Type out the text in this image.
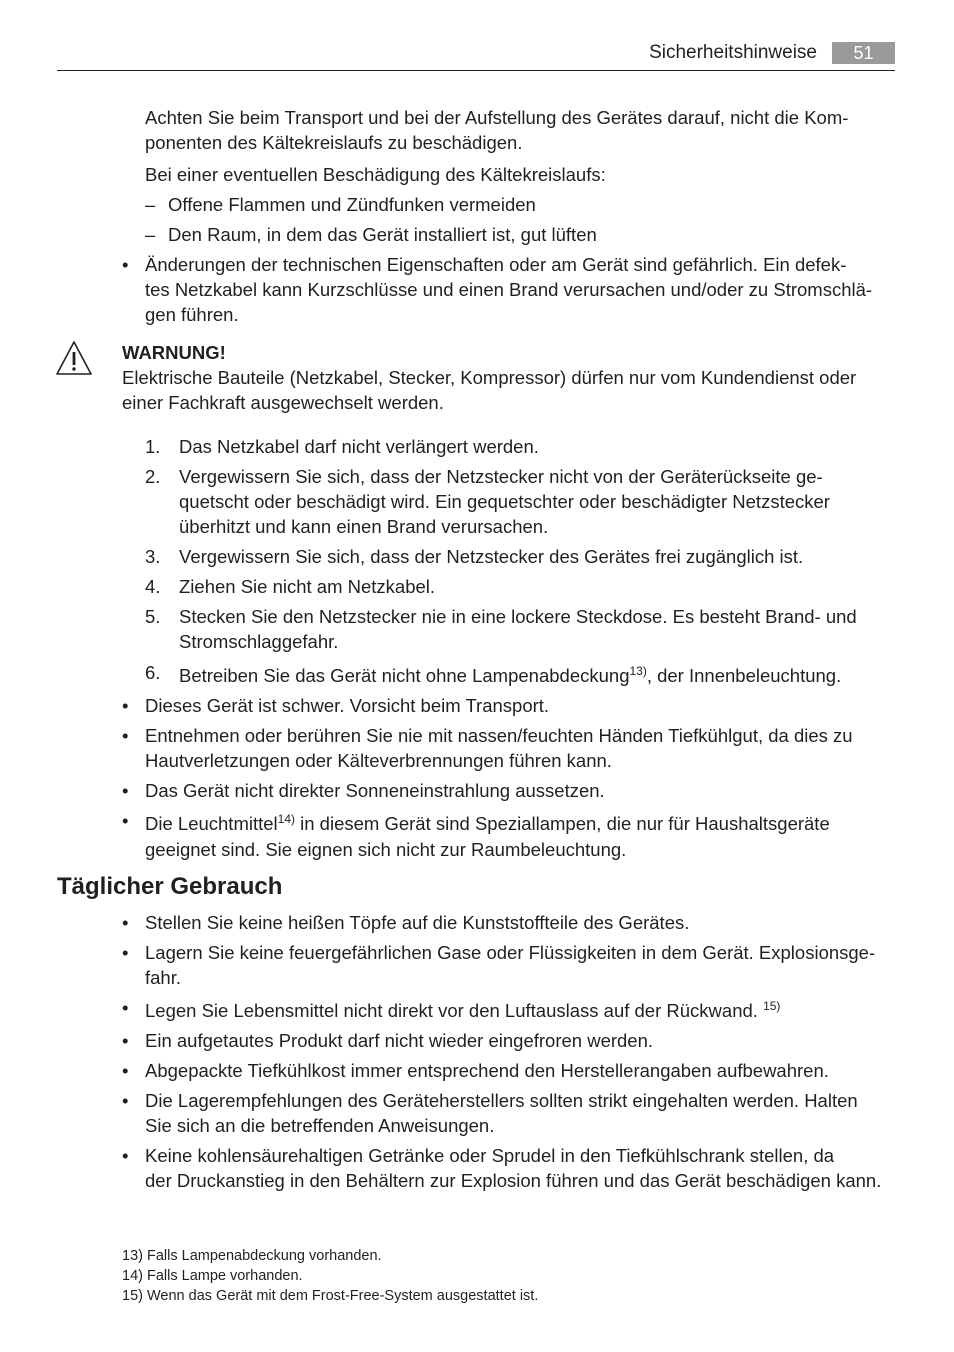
Sicherheitshinweise	51

Achten Sie beim Transport und bei der Aufstellung des Gerätes darauf, nicht die Kom-

ponenten des Kältekreislaufs zu beschädigen.

Bei einer eventuellen Beschädigung des Kältekreislaufs:

– Offene Flammen und Zündfunken vermeiden

– Den Raum, in dem das Gerät installiert ist, gut lüften

• Änderungen der technischen Eigenschaften oder am Gerät sind gefährlich. Ein defek-

tes Netzkabel kann Kurzschlüsse und einen Brand verursachen und/oder zu Stromschlä-

gen führen.

WARNUNG!

Elektrische Bauteile (Netzkabel, Stecker, Kompressor) dürfen nur vom Kundendienst oder

einer Fachkraft ausgewechselt werden.

1. Das Netzkabel darf nicht verlängert werden.

2. Vergewissern Sie sich, dass der Netzstecker nicht von der Geräterückseite ge-

quetscht oder beschädigt wird. Ein gequetschter oder beschädigter Netzstecker

überhitzt und kann einen Brand verursachen.

3. Vergewissern Sie sich, dass der Netzstecker des Gerätes frei zugänglich ist.

4. Ziehen Sie nicht am Netzkabel.

5. Stecken Sie den Netzstecker nie in eine lockere Steckdose. Es besteht Brand- und

Stromschlaggefahr.

6. Betreiben Sie das Gerät nicht ohne Lampenabdeckung$^{13)}$, der Innenbeleuchtung.

• Dieses Gerät ist schwer. Vorsicht beim Transport.

• Entnehmen oder berühren Sie nie mit nassen/feuchten Händen Tiefkühlgut, da dies zu

Hautverletzungen oder Kälteverbrennungen führen kann.

• Das Gerät nicht direkter Sonneneinstrahlung aussetzen.

• Die Leuchtmittel$^{14)}$ in diesem Gerät sind Speziallampen, die nur für Haushaltsgeräte

geeignet sind. Sie eignen sich nicht zur Raumbeleuchtung.

Täglicher Gebrauch
• Stellen Sie keine heißen Töpfe auf die Kunststoffteile des Gerätes.

• Lagern Sie keine feuergefährlichen Gase oder Flüssigkeiten in dem Gerät. Explosionsge-

fahr.

• Legen Sie Lebensmittel nicht direkt vor den Luftauslass auf der Rückwand. $^{15)}$

• Ein aufgetautes Produkt darf nicht wieder eingefroren werden.

• Abgepackte Tiefkühlkost immer entsprechend den Herstellerangaben aufbewahren.

• Die Lagerempfehlungen des Geräteherstellers sollten strikt eingehalten werden. Halten

Sie sich an die betreffenden Anweisungen.

• Keine kohlensäurehaltigen Getränke oder Sprudel in den Tiefkühlschrank stellen, da

der Druckanstieg in den Behältern zur Explosion führen und das Gerät beschädigen kann.

13) Falls Lampenabdeckung vorhanden.
14) Falls Lampe vorhanden.
15) Wenn das Gerät mit dem Frost-Free-System ausgestattet ist.
